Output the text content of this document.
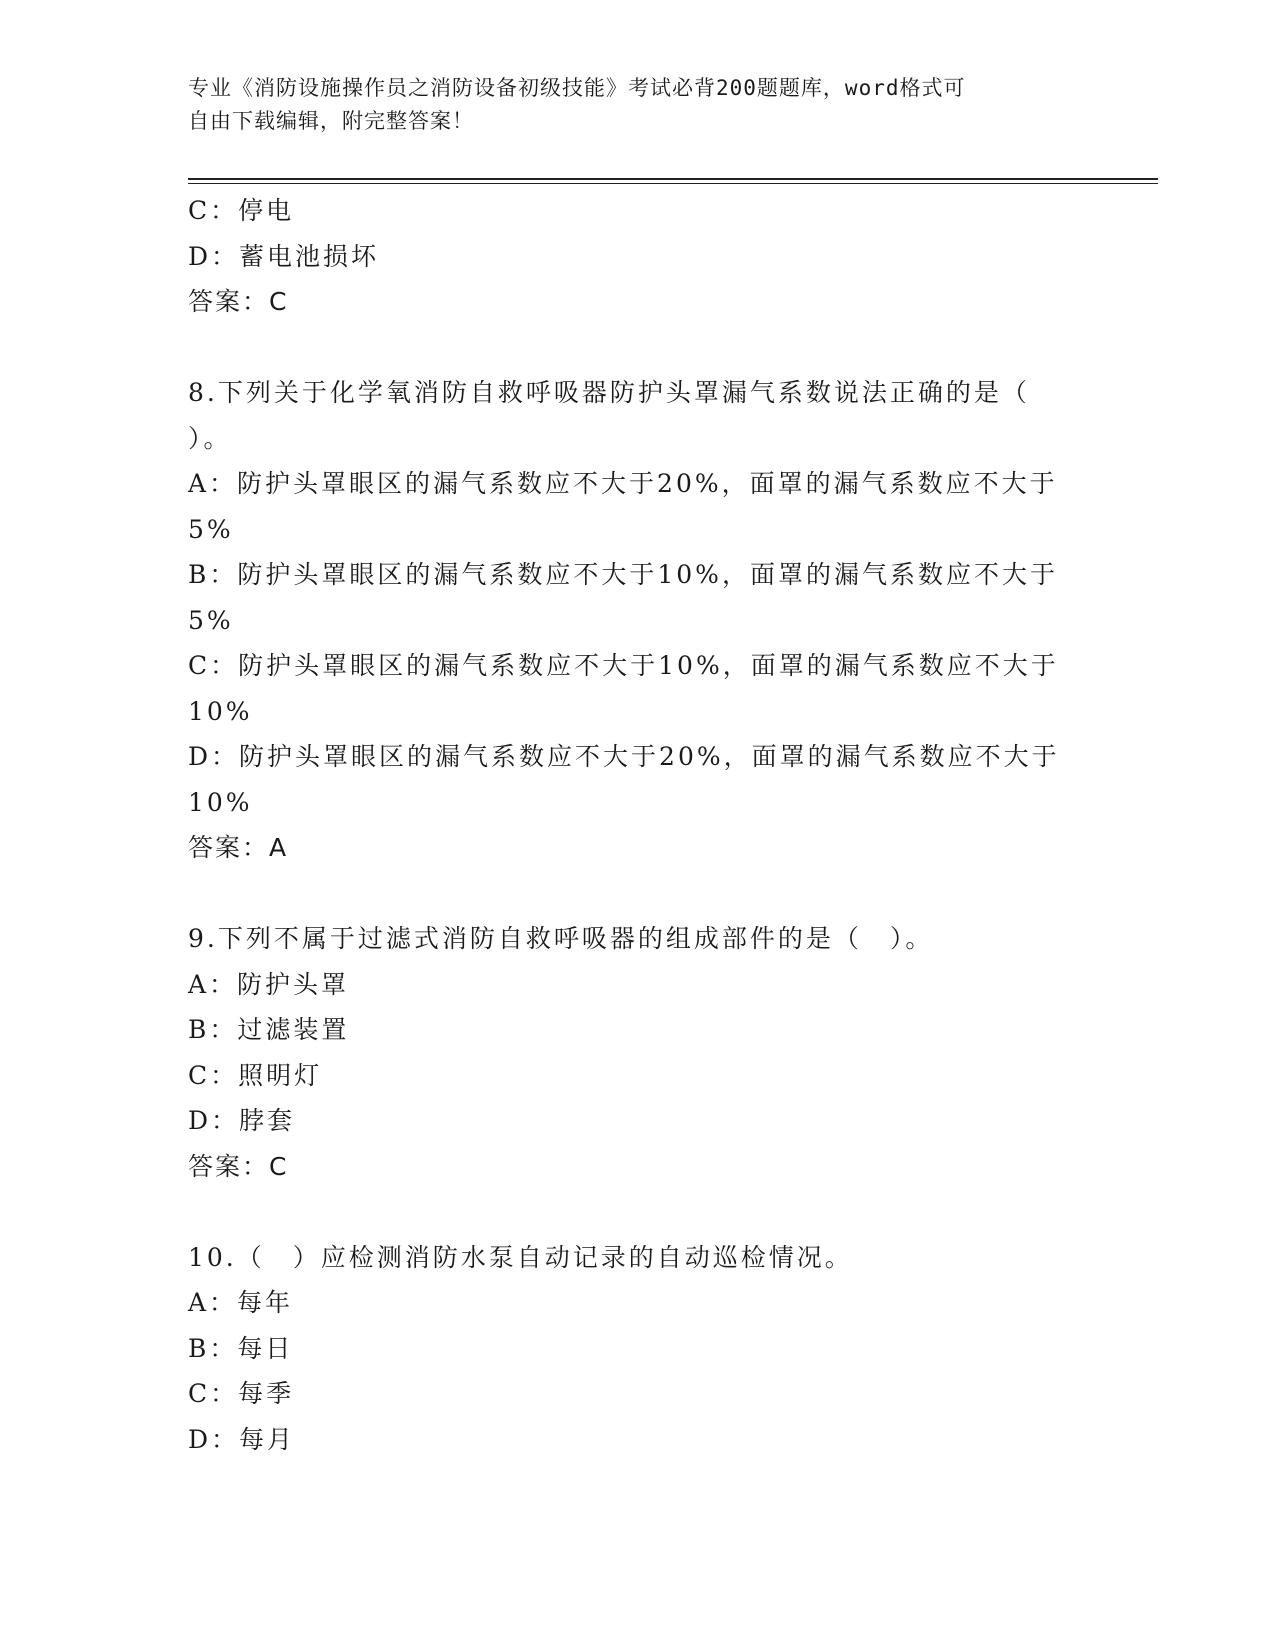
专业《消防设施操作员之消防设备初级技能》考试必背200题题库，word格式可
自由下载编辑，附完整答案！
C：停电
D：蓄电池损坏
答案：C
8.下列关于化学氧消防自救呼吸器防护头罩漏气系数说法正确的是（
）。
A：防护头罩眼区的漏气系数应不大于20%，面罩的漏气系数应不大于
5%
B：防护头罩眼区的漏气系数应不大于10%，面罩的漏气系数应不大于
5%
C：防护头罩眼区的漏气系数应不大于10%，面罩的漏气系数应不大于
10%
D：防护头罩眼区的漏气系数应不大于20%，面罩的漏气系数应不大于
10%
答案：A
9.下列不属于过滤式消防自救呼吸器的组成部件的是（　）。
A：防护头罩
B：过滤装置
C：照明灯
D：脖套
答案：C
10.（　）应检测消防水泵自动记录的自动巡检情况。
A：每年
B：每日
C：每季
D：每月
